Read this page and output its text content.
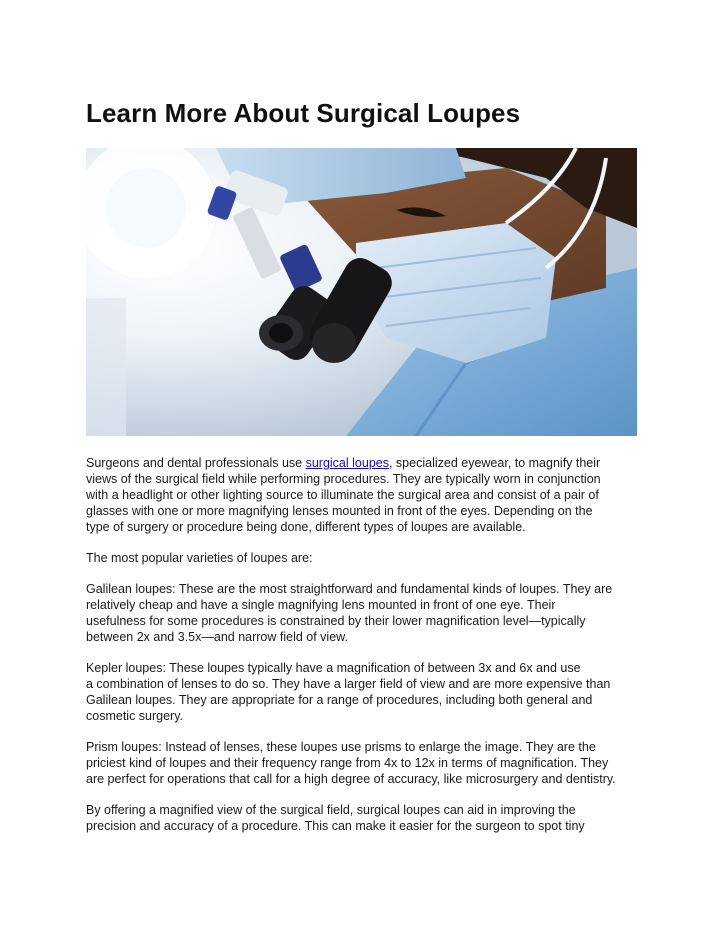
Learn More About Surgical Loupes

Surgeons and dental professionals use surgical loupes, specialized eyewear, to magnify their
views of the surgical field while performing procedures. They are typically worn in conjunction
with a headlight or other lighting source to illuminate the surgical area and consist of a pair of
glasses with one or more magnifying lenses mounted in front of the eyes. Depending on the
type of surgery or procedure being done, different types of loupes are available.

The most popular varieties of loupes are:

Galilean loupes: These are the most straightforward and fundamental kinds of loupes. They are
relatively cheap and have a single magnifying lens mounted in front of one eye. Their
usefulness for some procedures is constrained by their lower magnification level—typically
between 2x and 3.5x—and narrow field of view.

Kepler loupes: These loupes typically have a magnification of between 3x and 6x and use
a combination of lenses to do so. They have a larger field of view and are more expensive than
Galilean loupes. They are appropriate for a range of procedures, including both general and
cosmetic surgery.

Prism loupes: Instead of lenses, these loupes use prisms to enlarge the image. They are the
priciest kind of loupes and their frequency range from 4x to 12x in terms of magnification. They
are perfect for operations that call for a high degree of accuracy, like microsurgery and dentistry.

By offering a magnified view of the surgical field, surgical loupes can aid in improving the
precision and accuracy of a procedure. This can make it easier for the surgeon to spot tiny
